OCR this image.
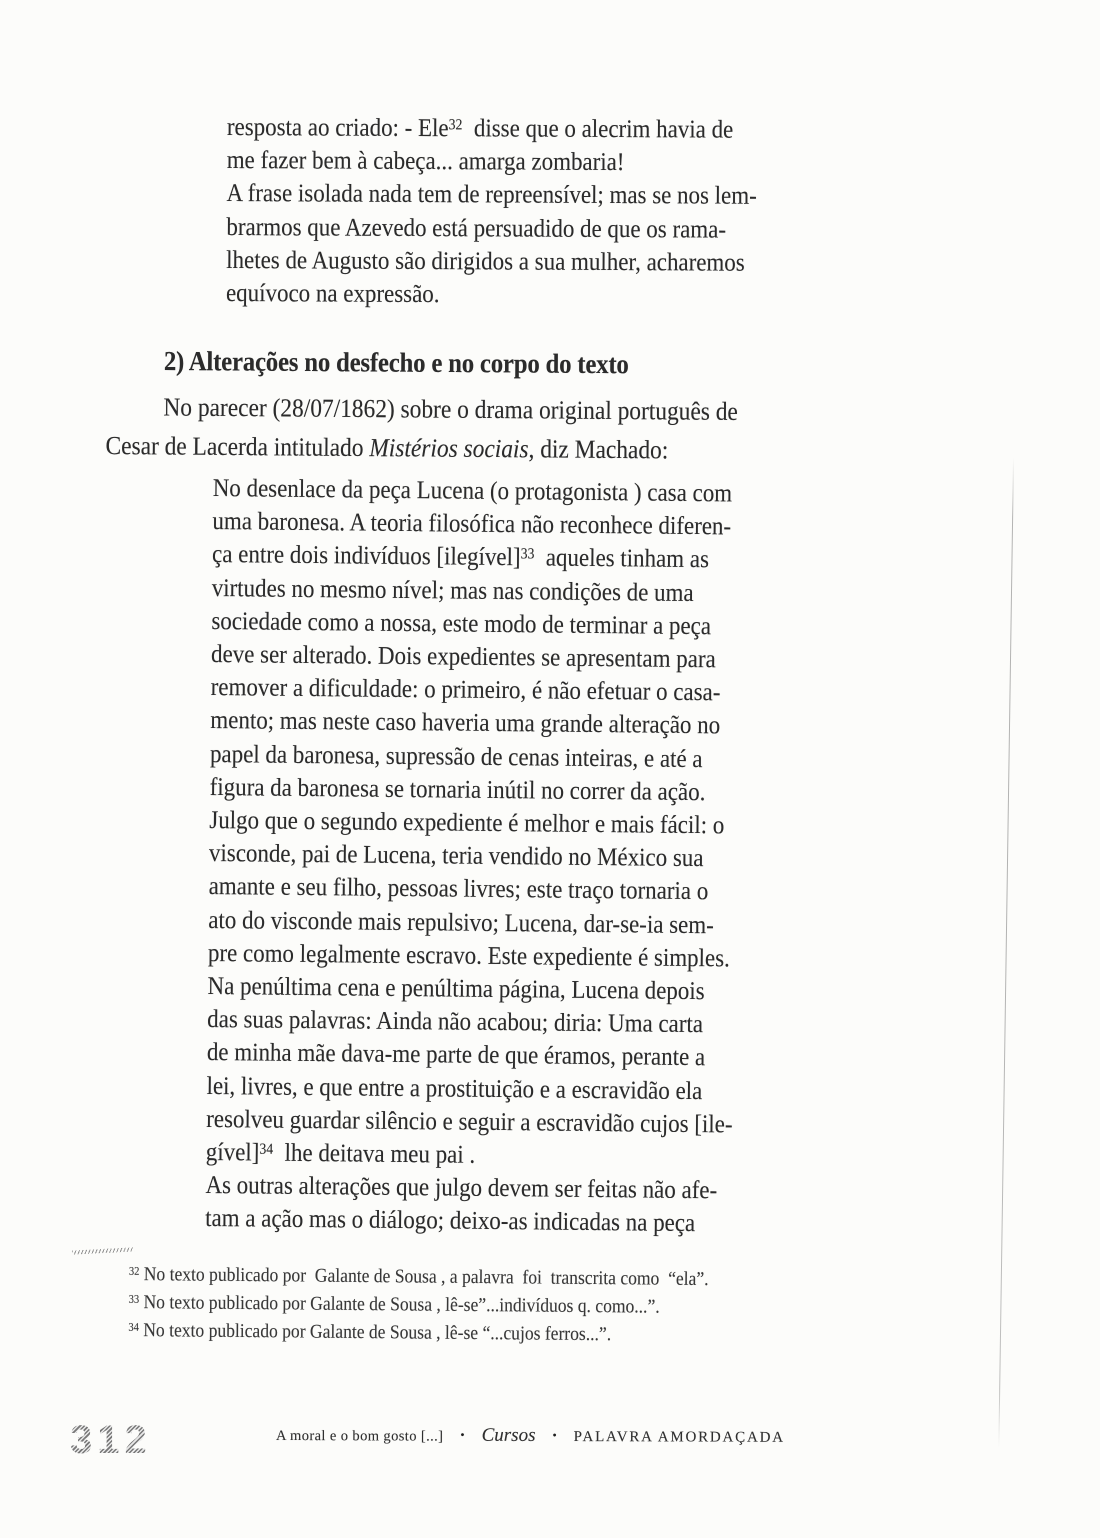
resposta ao criado: - Ele$^{32}$  disse que o alecrim havia de
me fazer bem à cabeça... amarga zombaria!
A frase isolada nada tem de repreensível; mas se nos lem-
brarmos que Azevedo está persuadido de que os rama-
lhetes de Augusto são dirigidos a sua mulher, acharemos
equívoco na expressão.
2) Alterações no desfecho e no corpo do texto
No parecer (28/07/1862) sobre o drama original português de
Cesar de Lacerda intitulado Mistérios sociais, diz Machado:
No desenlace da peça Lucena (o protagonista ) casa com
uma baronesa. A teoria filosófica não reconhece diferen-
ça entre dois indivíduos [ilegível]$^{33}$  aqueles tinham as
virtudes no mesmo nível; mas nas condições de uma
sociedade como a nossa, este modo de terminar a peça
deve ser alterado. Dois expedientes se apresentam para
remover a dificuldade: o primeiro, é não efetuar o casa-
mento; mas neste caso haveria uma grande alteração no
papel da baronesa, supressão de cenas inteiras, e até a
figura da baronesa se tornaria inútil no correr da ação.
Julgo que o segundo expediente é melhor e mais fácil: o
visconde, pai de Lucena, teria vendido no México sua
amante e seu filho, pessoas livres; este traço tornaria o
ato do visconde mais repulsivo; Lucena, dar-se-ia sem-
pre como legalmente escravo. Este expediente é simples.
Na penúltima cena e penúltima página, Lucena depois
das suas palavras: Ainda não acabou; diria: Uma carta
de minha mãe dava-me parte de que éramos, perante a
lei, livres, e que entre a prostituição e a escravidão ela
resolveu guardar silêncio e seguir a escravidão cujos [ile-
gível]$^{34}$  lhe deitava meu pai .
As outras alterações que julgo devem ser feitas não afe-
tam a ação mas o diálogo; deixo-as indicadas na peça
$^{32}$ No texto publicado por  Galante de Sousa , a palavra  foi  transcrita como  “ela”.
$^{33}$ No texto publicado por Galante de Sousa , lê-se”...indivíduos q. como...”.
$^{34}$ No texto publicado por Galante de Sousa , lê-se “...cujos ferros...”.

312	A moral e o bom gosto [...] • Cursos • PALAVRA AMORDAÇADA
